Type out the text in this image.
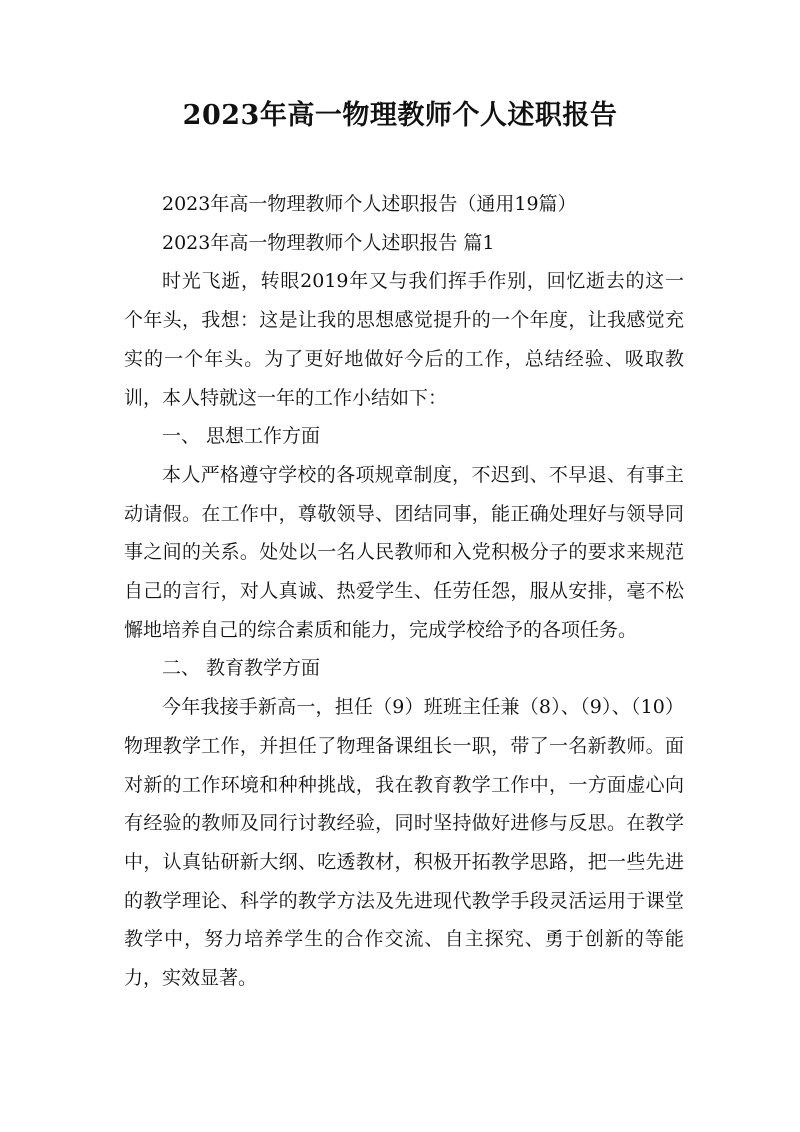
2023年高一物理教师个人述职报告

2023年高一物理教师个人述职报告（通用19篇）

2023年高一物理教师个人述职报告 篇1

时光飞逝，转眼2019年又与我们挥手作别，回忆逝去的这一个年头，我想：这是让我的思想感觉提升的一个年度，让我感觉充实的一个年头。为了更好地做好今后的工作，总结经验、吸取教训，本人特就这一年的工作小结如下：

一、 思想工作方面

本人严格遵守学校的各项规章制度，不迟到、不早退、有事主动请假。在工作中，尊敬领导、团结同事，能正确处理好与领导同事之间的关系。处处以一名人民教师和入党积极分子的要求来规范自己的言行，对人真诚、热爱学生、任劳任怨，服从安排，毫不松懈地培养自己的综合素质和能力，完成学校给予的各项任务。

二、 教育教学方面

今年我接手新高一，担任（9）班班主任兼（8）、（9）、（10）物理教学工作，并担任了物理备课组长一职，带了一名新教师。面对新的工作环境和种种挑战，我在教育教学工作中，一方面虚心向有经验的教师及同行讨教经验，同时坚持做好进修与反思。在教学中，认真钻研新大纲、吃透教材，积极开拓教学思路，把一些先进的教学理论、科学的教学方法及先进现代教学手段灵活运用于课堂教学中，努力培养学生的合作交流、自主探究、勇于创新的等能力，实效显著。
